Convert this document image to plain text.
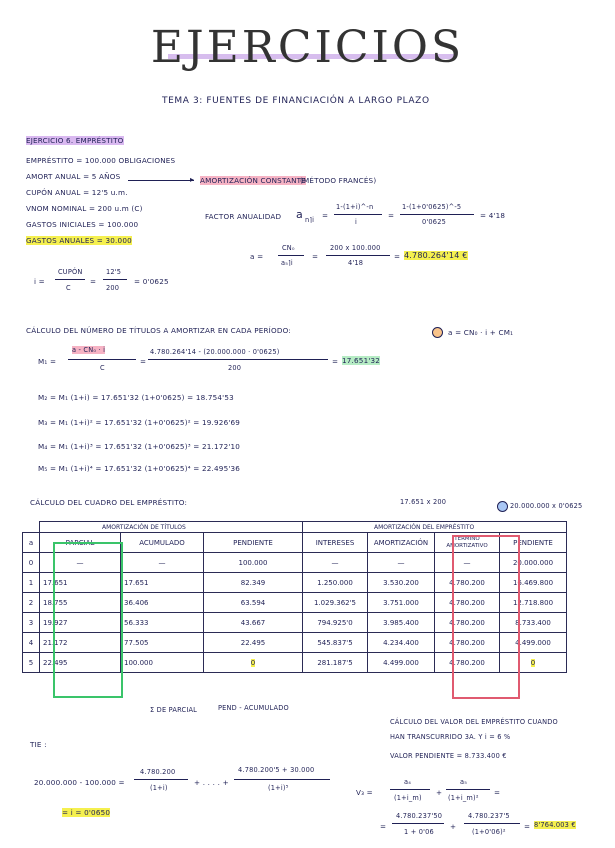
EJERCICIOS
TEMA 3: FUENTES DE FINANCIACIÓN A LARGO PLAZO
EJERCICIO 6. EMPRÉSTITO
EMPRÉSTITO = 100.000 OBLIGACIONES
AMORT ANUAL = 5 AÑOS
CUPÓN ANUAL = 12'5 u.m.
VNOM NOMINAL = 200 u.m (C)
GASTOS INICIALES = 100.000
GASTOS ANUALES = 30.000
▸ AMORTIZACIÓN CONSTANTE
(MÉTODO FRANCÉS)
FACTOR ANUALIDAD a n⌉i =
1-(1+i)^-n
i
=
1-(1+0'0625)^-5
0'0625
= 4'18
a =
CN₀
a₅⌉i
=
200 x 100.000
4'18
= 4.780.264'14 €
i =
CUPÓN
C
=
12'5
200
= 0'0625
CÁLCULO DEL NÚMERO DE TÍTULOS A AMORTIZAR EN CADA PERÍODO:	a = CN₀ · i + CM₁
M₁ =
a - CN₀ · i
C
=
4.780.264'14 - (20.000.000 · 0'0625)
200
= 17.651'32
M₂ = M₁ (1+i) = 17.651'32 (1+0'0625) = 18.754'53
M₃ = M₁ (1+i)² = 17.651'32 (1+0'0625)² = 19.926'69
M₄ = M₁ (1+i)³ = 17.651'32 (1+0'0625)³ = 21.172'10
M₅ = M₁ (1+i)⁴ = 17.651'32 (1+0'0625)⁴ = 22.495'36
CÁLCULO DEL CUADRO DEL EMPRÉSTITO:	17.651 x 200	20.000.000 x 0'0625
AMORTIZACIÓN DE TÍTULOS	AMORTIZACIÓN DEL EMPRÉSTITO

a	PARCIAL	ACUMULADO	PENDIENTE	INTERESES	AMORTIZACIÓN	TÉRMINO AMORTIZATIVO	PENDIENTE
0	—	—	100.000	—	—	—	20.000.000
1	17.651	17.651	82.349	1.250.000	3.530.200	4.780.200	16.469.800
2	18.755	36.406	63.594	1.029.362'5	3.751.000	4.780.200	12.718.800
3	19.927	56.333	43.667	794.925'0	3.985.400	4.780.200	8.733.400
4	21.172	77.505	22.495	545.837'5	4.234.400	4.780.200	4.499.000
5	22.495	100.000	0	281.187'5	4.499.000	4.780.200	0
Σ DE PARCIAL	PEND - ACUMULADO
TIE :
20.000.000 - 100.000 =
4.780.200
(1+i)
+ . . . . +
4.780.200'5 + 30.000
(1+i)⁵
= i = 0'0650
CÁLCULO DEL VALOR DEL EMPRÉSTITO CUANDO
HAN TRANSCURRIDO 3A. Y i = 6 %
VALOR PENDIENTE = 8.733.400 €
V₃ =
a₄
(1+i_m)
+
a₅
(1+i_m)²
=
=
4.780.237'50
1 + 0'06
+
4.780.237'5
(1+0'06)²
= 8'764.003 €
